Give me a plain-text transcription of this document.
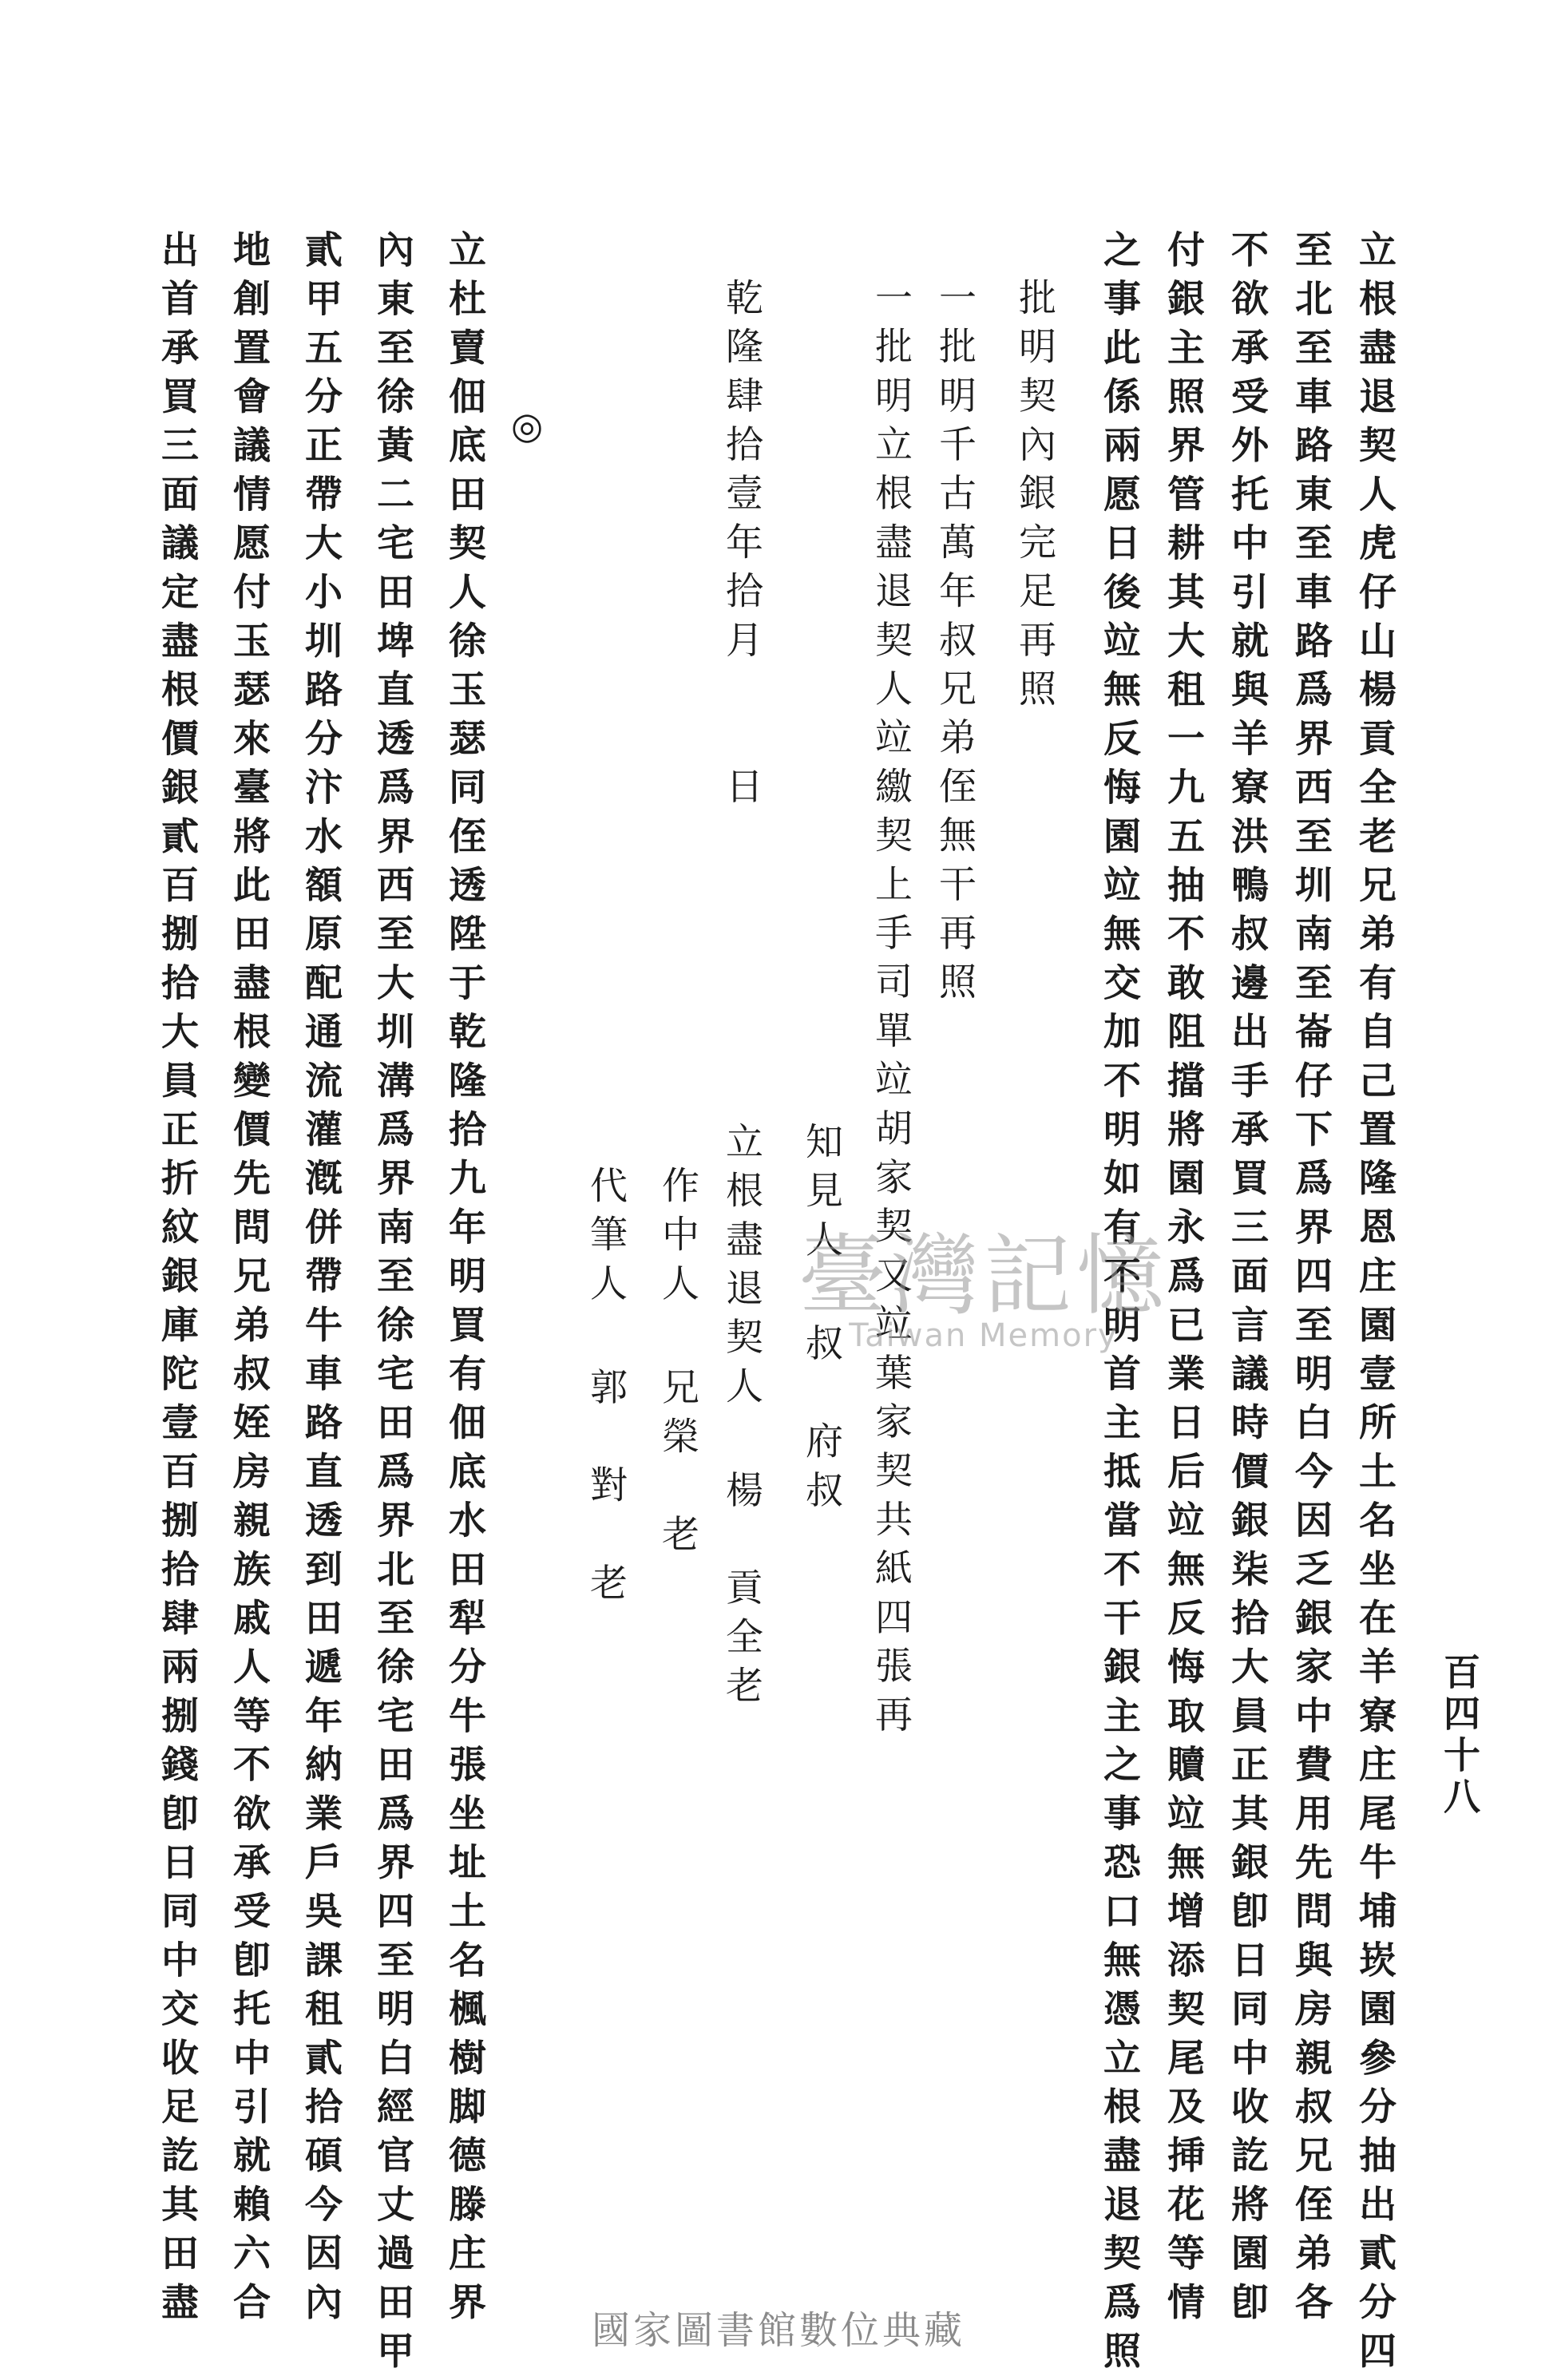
百四十八
立根盡退契人虎仔山楊貢全老兄弟有自己置隆恩庄園壹所土名坐在羊寮庄尾牛埔崁園參分抽出貳分四
至北至車路東至車路爲界西至圳南至崙仔下爲界四至明白今因乏銀家中費用先問與房親叔兄侄弟各
不欲承受外托中引就與羊寮洪鴨叔邊出手承買三面言議時價銀柒拾大員正其銀卽日同中收訖將園卽
付銀主照界管耕其大租一九五抽不敢阻擋將園永爲已業日后竝無反悔取贖竝無增添契尾及挿花等情
之事此係兩愿日後竝無反悔園竝無交加不明如有不明首主抵當不干銀主之事恐口無憑立根盡退契爲照
批明契內銀完足再照
一批明千古萬年叔兄弟侄無干再照
一批明立根盡退契人竝繳契上手司單竝胡家契又竝葉家契共紙四張再
乾隆肆拾壹年拾月　　日
知見人 叔　府叔
立根盡退契人 楊　貢全老
作中人 兄榮　老
代筆人 郭　對　老
◎
立杜賣佃底田契人徐玉瑟同侄透陞于乾隆拾九年明買有佃底水田犁分牛張坐址土名楓樹脚德滕庄界
內東至徐黃二宅田埤直透爲界西至大圳溝爲界南至徐宅田爲界北至徐宅田爲界四至明白經官丈過田甲
貳甲五分正帶大小圳路分汴水額原配通流灌漑併帶牛車路直透到田遞年納業戶吳課租貳拾碩今因內
地創置會議情愿付玉瑟來臺將此田盡根變價先問兄弟叔姪房親族戚人等不欲承受卽托中引就賴六合
出首承買三面議定盡根價銀貳百捌拾大員正折紋銀庫陀壹百捌拾肆兩捌錢卽日同中交收足訖其田盡	臺灣記憶
Taiwan Memory
國家圖書館數位典藏
